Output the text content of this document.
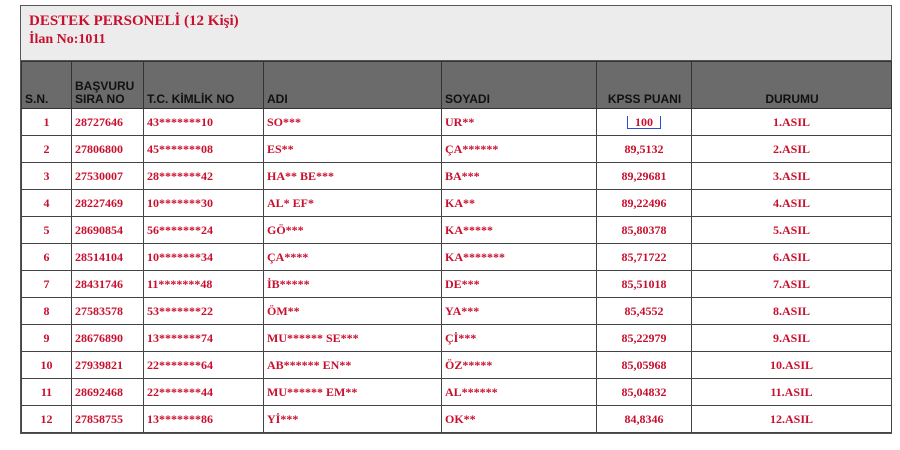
DESTEK PERSONELİ (12 Kişi)
İlan No:1011
S.N.	BAŞVURU SIRA NO	T.C. KİMLİK NO	ADI	SOYADI	KPSS PUANI	DURUMU
1	28727646	43*******10	SO***	UR**	100	1.ASIL
2	27806800	45*******08	ES**	ÇA******	89,5132	2.ASIL
3	27530007	28*******42	HA** BE***	BA***	89,29681	3.ASIL
4	28227469	10*******30	AL* EF*	KA**	89,22496	4.ASIL
5	28690854	56*******24	GÖ***	KA*****	85,80378	5.ASIL
6	28514104	10*******34	ÇA****	KA*******	85,71722	6.ASIL
7	28431746	11*******48	İB*****	DE***	85,51018	7.ASIL
8	27583578	53*******22	ÖM**	YA***	85,4552	8.ASIL
9	28676890	13*******74	MU****** SE***	Çİ***	85,22979	9.ASIL
10	27939821	22*******64	AB****** EN**	ÖZ*****	85,05968	10.ASIL
11	28692468	22*******44	MU****** EM**	AL******	85,04832	11.ASIL
12	27858755	13*******86	Yİ***	OK**	84,8346	12.ASIL
